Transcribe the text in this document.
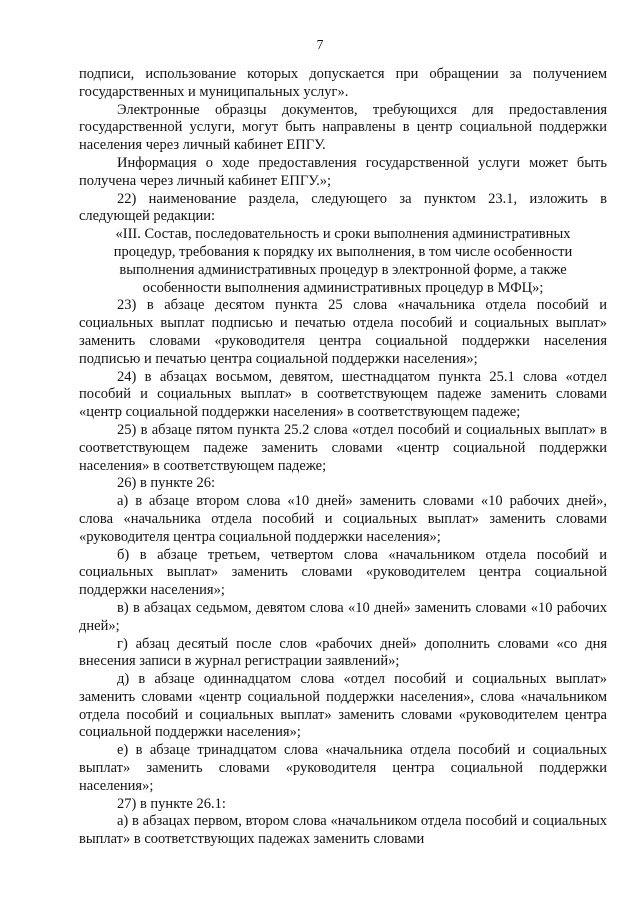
7

подписи, использование которых допускается при обращении за получением государственных и муниципальных услуг».

Электронные образцы документов, требующихся для предоставления государственной услуги, могут быть направлены в центр социальной поддержки населения через личный кабинет ЕПГУ.

Информация о ходе предоставления государственной услуги может быть получена через личный кабинет ЕПГУ.»;

22) наименование раздела, следующего за пунктом 23.1, изложить в следующей редакции:

«III. Состав, последовательность и сроки выполнения административных процедур, требования к порядку их выполнения, в том числе особенности выполнения административных процедур в электронной форме, а также особенности выполнения административных процедур в МФЦ»;

23) в абзаце десятом пункта 25 слова «начальника отдела пособий и социальных выплат подписью и печатью отдела пособий и социальных выплат» заменить словами «руководителя центра социальной поддержки населения подписью и печатью центра социальной поддержки населения»;

24) в абзацах восьмом, девятом, шестнадцатом пункта 25.1 слова «отдел пособий и социальных выплат» в соответствующем падеже заменить словами «центр социальной поддержки населения» в соответствующем падеже;

25) в абзаце пятом пункта 25.2 слова «отдел пособий и социальных выплат» в соответствующем падеже заменить словами «центр социальной поддержки населения» в соответствующем падеже;

26) в пункте 26:

а) в абзаце втором слова «10 дней» заменить словами «10 рабочих дней», слова «начальника отдела пособий и социальных выплат» заменить словами «руководителя центра социальной поддержки населения»;

б) в абзаце третьем, четвертом слова «начальником отдела пособий и социальных выплат» заменить словами «руководителем центра социальной поддержки населения»;

в) в абзацах седьмом, девятом слова «10 дней» заменить словами «10 рабочих дней»;

г) абзац десятый после слов «рабочих дней» дополнить словами «со дня внесения записи в журнал регистрации заявлений»;

д) в абзаце одиннадцатом слова «отдел пособий и социальных выплат» заменить словами «центр социальной поддержки населения», слова «начальником отдела пособий и социальных выплат» заменить словами «руководителем центра социальной поддержки населения»;

е) в абзаце тринадцатом слова «начальника отдела пособий и социальных выплат» заменить словами «руководителя центра социальной поддержки населения»;

27) в пункте 26.1:

а) в абзацах первом, втором слова «начальником отдела пособий и социальных выплат» в соответствующих падежах заменить словами
